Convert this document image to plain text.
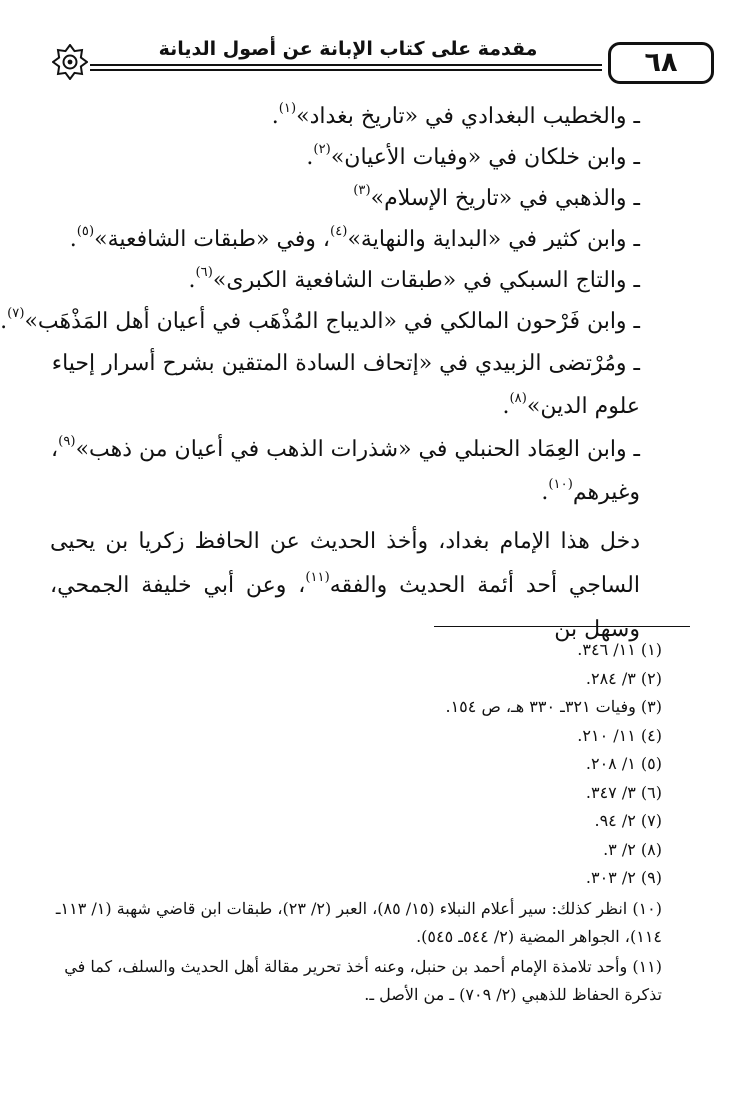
مقدمة على كتاب الإبانة عن أصول الديانة	٦٨
ـ والخطيب البغدادي في «تاريخ بغداد»$^{(١)}$.
ـ وابن خلكان في «وفيات الأعيان»$^{(٢)}$.
ـ والذهبي في «تاريخ الإسلام»$^{(٣)}$
ـ وابن كثير في «البداية والنهاية»$^{(٤)}$، وفي «طبقات الشافعية»$^{(٥)}$.
ـ والتاج السبكي في «طبقات الشافعية الكبرى»$^{(٦)}$.
ـ وابن فَرْحون المالكي في «الديباج المُذْهَب في أعيان أهل المَذْهَب»$^{(٧)}$.
ـ ومُرْتضى الزبيدي في «إتحاف السادة المتقين بشرح أسرار إحياء علوم الدين»$^{(٨)}$.
ـ وابن العِمَاد الحنبلي في «شذرات الذهب في أعيان من ذهب»$^{(٩)}$، وغيرهم$^{(١٠)}$.
دخل هذا الإمام بغداد، وأخذ الحديث عن الحافظ زكريا بن يحيى الساجي أحد أئمة الحديث والفقه$^{(١١)}$، وعن أبي خليفة الجمحي، وسهل بن
(١) ١١/ ٣٤٦.
(٢) ٣/ ٢٨٤.
(٣) وفيات ٣٢١ـ ٣٣٠ هـ، ص ١٥٤.
(٤) ١١/ ٢١٠.
(٥) ١/ ٢٠٨.
(٦) ٣/ ٣٤٧.
(٧) ٢/ ٩٤.
(٨) ٢/ ٣.
(٩) ٢/ ٣٠٣.
(١٠) انظر كذلك: سير أعلام النبلاء (١٥/ ٨٥)، العبر (٢/ ٢٣)، طبقات ابن قاضي شهبة (١/ ١١٣ـ ١١٤)، الجواهر المضية (٢/ ٥٤٤ـ ٥٤٥).
(١١) وأحد تلامذة الإمام أحمد بن حنبل، وعنه أخذ تحرير مقالة أهل الحديث والسلف، كما في تذكرة الحفاظ للذهبي (٢/ ٧٠٩) ـ من الأصل ـ.
